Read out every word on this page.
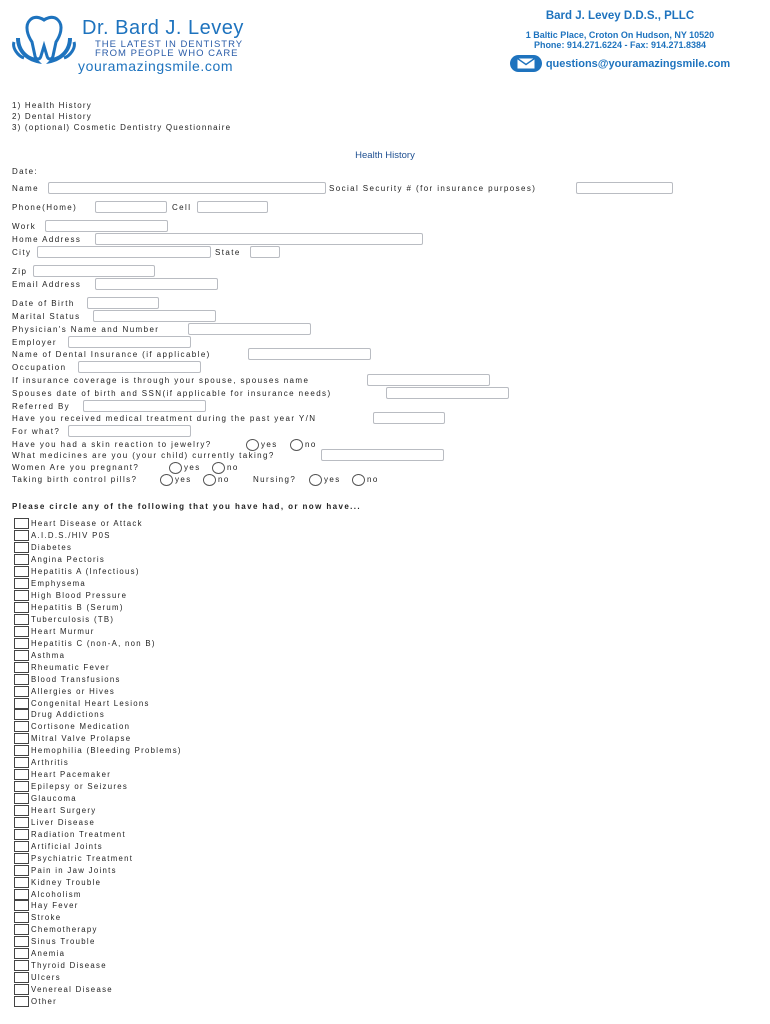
Dr. Bard J. Levey
THE LATEST IN DENTISTRY
FROM PEOPLE WHO CARE
youramazingsmile.com
Bard J. Levey D.D.S., PLLC
1 Baltic Place, Croton On Hudson, NY 10520
Phone: 914.271.6224 - Fax: 914.271.8384
questions@youramazingsmile.com
1) Health History
2) Dental History
3) (optional) Cosmetic Dentistry Questionnaire
Health History
Date:
Name	Social Security # (for insurance purposes)
Phone(Home)	Cell
Work
Home Address
City	State
Zip
Email Address
Date of Birth
Marital Status
Physician's Name and Number
Employer
Name of Dental Insurance (if applicable)
Occupation
If insurance coverage is through your spouse, spouses name
Spouses date of birth and SSN(if applicable for insurance needs)
Referred By
Have you received medical treatment during the past year Y/N
For what?
Have you had a skin reaction to jewelry?	yes	no
What medicines are you (your child) currently taking?
Women Are you pregnant?	yes	no
Taking birth control pills?	yes	no	Nursing?	yes	no
Please circle any of the following that you have had, or now have...
Heart Disease or Attack
A.I.D.S./HIV P0S
Diabetes
Angina Pectoris
Hepatitis A (Infectious)
Emphysema
High Blood Pressure
Hepatitis B (Serum)
Tuberculosis (TB)
Heart Murmur
Hepatitis C (non-A, non B)
Asthma
Rheumatic Fever
Blood Transfusions
Allergies or Hives
Congenital Heart Lesions
Drug Addictions
Cortisone Medication
Mitral Valve Prolapse
Hemophilia (Bleeding Problems)
Arthritis
Heart Pacemaker
Epilepsy or Seizures
Glaucoma
Heart Surgery
Liver Disease
Radiation Treatment
Artificial Joints
Psychiatric Treatment
Pain in Jaw Joints
Kidney Trouble
Alcoholism
Hay Fever
Stroke
Chemotherapy
Sinus Trouble
Anemia
Thyroid Disease
Ulcers
Venereal Disease
Other
